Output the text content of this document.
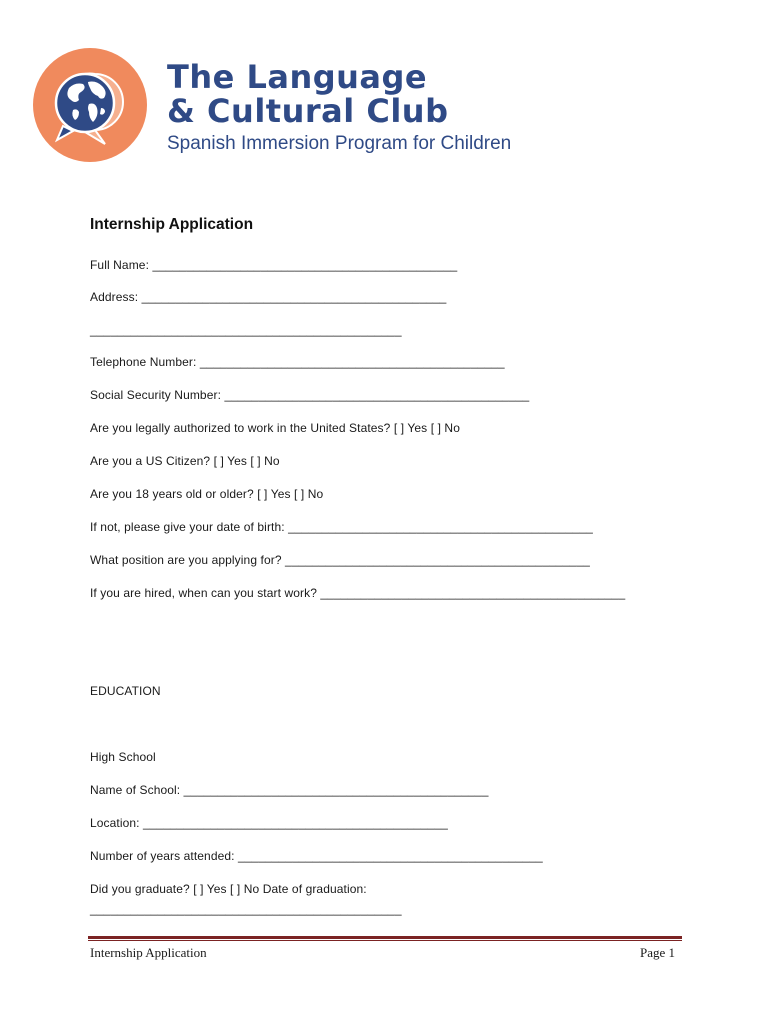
The Language
& Cultural Club
Spanish Immersion Program for Children
Internship Application
Full Name: _____________________________________________
Address: _____________________________________________
______________________________________________
Telephone Number: _____________________________________________
Social Security Number: _____________________________________________
Are you legally authorized to work in the United States? [ ] Yes [ ] No
Are you a US Citizen? [ ] Yes [ ] No
Are you 18 years old or older? [ ] Yes [ ] No
If not, please give your date of birth: _____________________________________________
What position are you applying for? _____________________________________________
If you are hired, when can you start work? _____________________________________________
EDUCATION
High School
Name of School: _____________________________________________
Location: _____________________________________________
Number of years attended: _____________________________________________
Did you graduate? [ ] Yes [ ] No Date of graduation:
______________________________________________
Internship Application	Page 1
